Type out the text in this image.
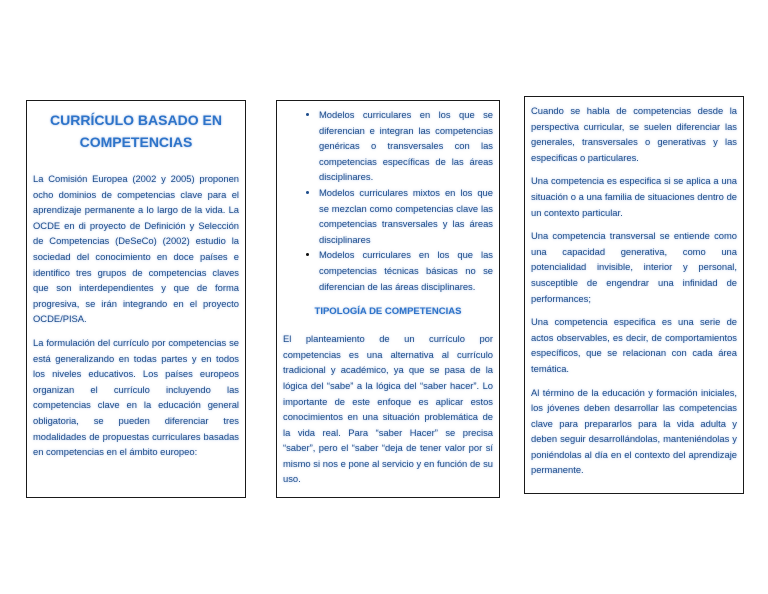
CURRÍCULO BASADO EN COMPETENCIAS

La Comisión Europea (2002 y 2005) proponen ocho dominios de competencias clave para el aprendizaje permanente a lo largo de la vida. La OCDE en di proyecto de Definición y Selección de Competencias (DeSeCo) (2002) estudio la sociedad del conocimiento en doce países e identifico tres grupos de competencias claves que son interdependientes y que de forma progresiva, se irán integrando en el proyecto OCDE/PISA.

La formulación del currículo por competencias se está generalizando en todas partes y en todos los niveles educativos. Los países europeos organizan el currículo incluyendo las competencias clave en la educación general obligatoria, se pueden diferenciar tres modalidades de propuestas curriculares basadas en competencias en el ámbito europeo:

• Modelos curriculares en los que se diferencian e integran las competencias genéricas o transversales con las competencias específicas de las áreas disciplinares.
• Modelos curriculares mixtos en los que se mezclan como competencias clave las competencias transversales y las áreas disciplinares
• Modelos curriculares en los que las competencias técnicas básicas no se diferencian de las áreas disciplinares.
TIPOLOGÍA DE COMPETENCIAS

El planteamiento de un currículo por competencias es una alternativa al currículo tradicional y académico, ya que se pasa de la lógica del “sabe” a la lógica del “saber hacer”. Lo importante de este enfoque es aplicar estos conocimientos en una situación problemática de la vida real. Para “saber Hacer” se precisa “saber”, pero el “saber “deja de tener valor por sí mismo si nos e pone al servicio y en función de su uso.

Cuando se habla de competencias desde la perspectiva curricular, se suelen diferenciar las generales, transversales o generativas y las especificas o particulares.

Una competencia es especifica si se aplica a una situación o a una familia de situaciones dentro de un contexto particular.

Una competencia transversal se entiende como una capacidad generativa, como una potencialidad invisible, interior y personal, susceptible de engendrar una infinidad de performances;

Una competencia especifica es una serie de actos observables, es decir, de comportamientos específicos, que se relacionan con cada área temática.

Al término de la educación y formación iniciales, los jóvenes deben desarrollar las competencias clave para prepararlos para la vida adulta y deben seguir desarrollándolas, manteniéndolas y poniéndolas al día en el contexto del aprendizaje permanente.
